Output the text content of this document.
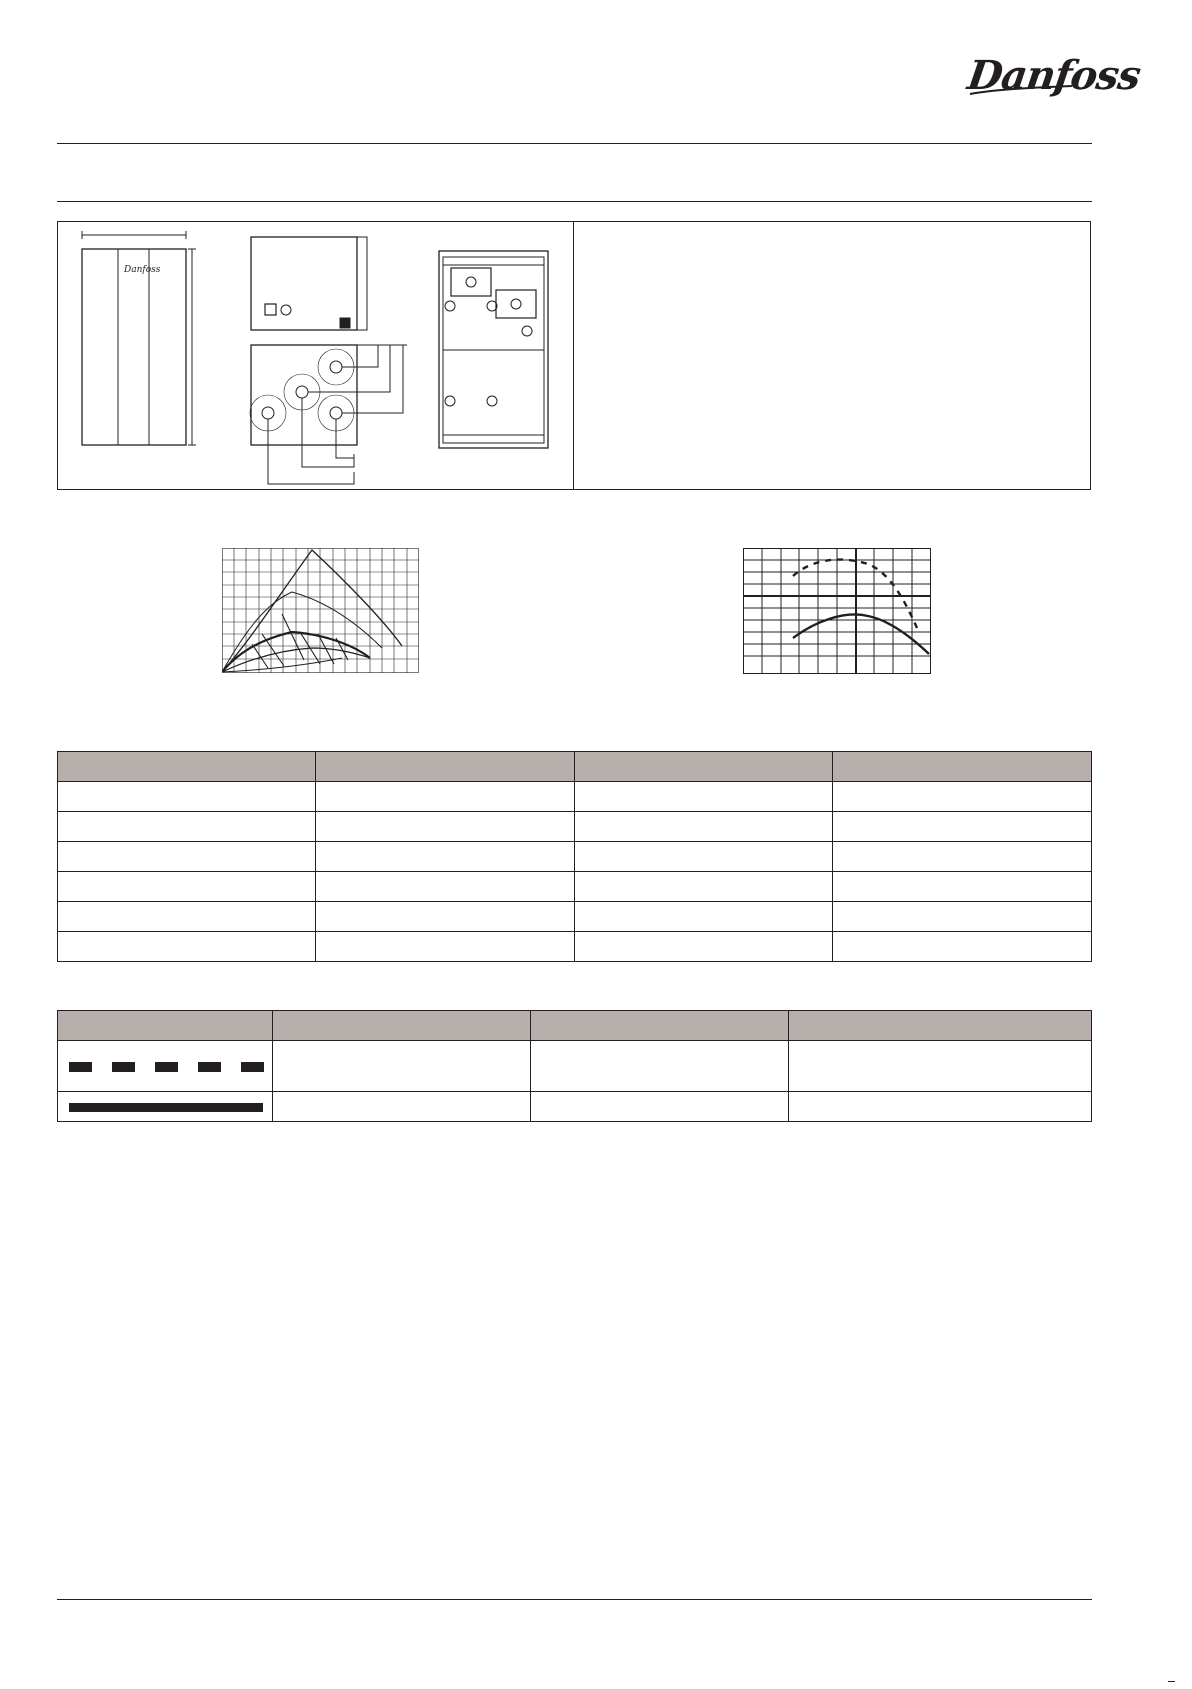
Danfoss
Danfoss

⎯
